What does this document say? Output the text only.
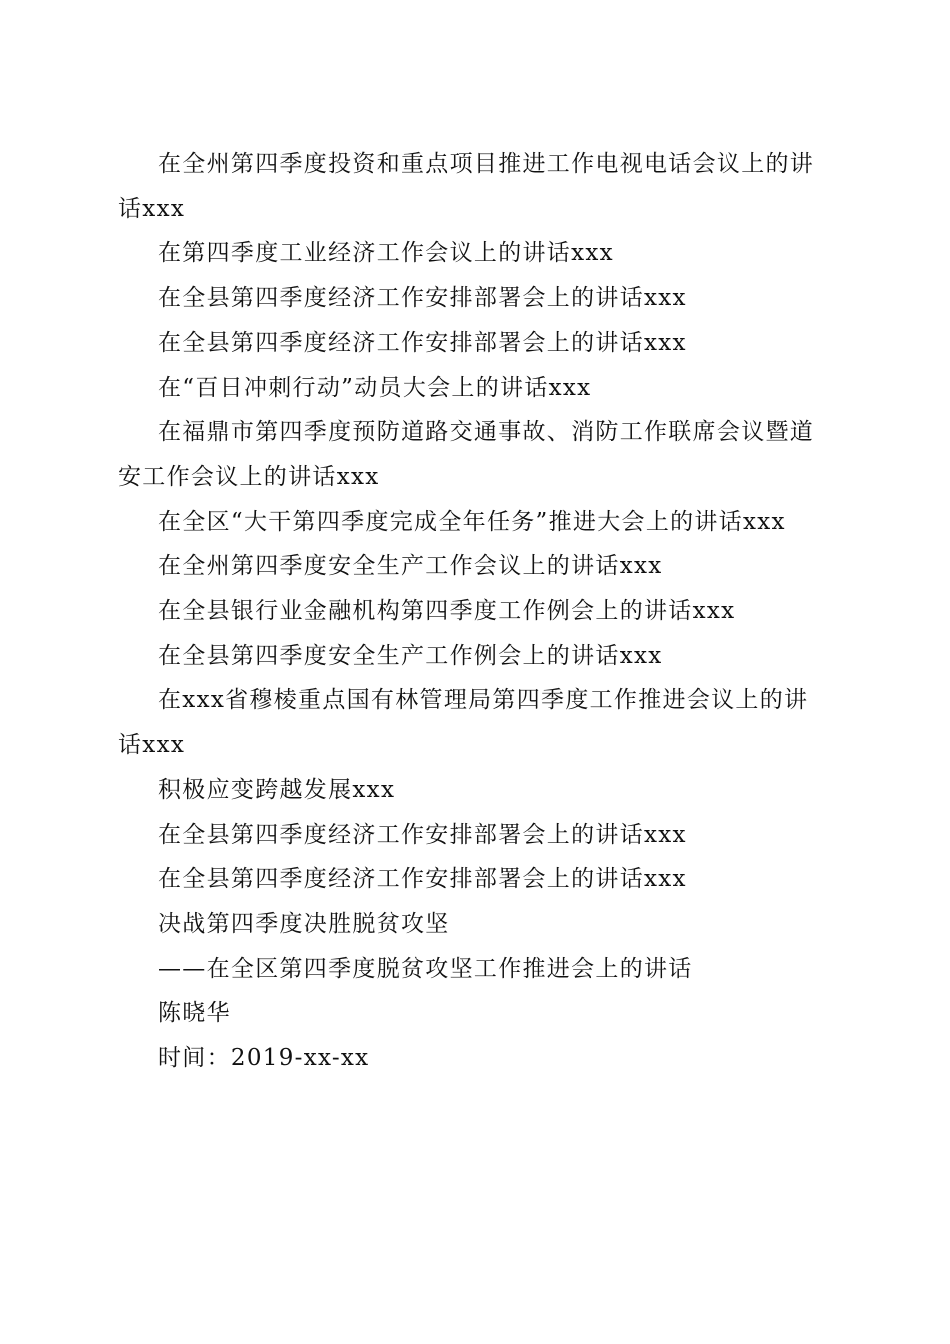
在全州第四季度投资和重点项目推进工作电视电话会议上的讲话xxx

在第四季度工业经济工作会议上的讲话xxx

在全县第四季度经济工作安排部署会上的讲话xxx

在全县第四季度经济工作安排部署会上的讲话xxx

在“百日冲刺行动”动员大会上的讲话xxx

在福鼎市第四季度预防道路交通事故、消防工作联席会议暨道安工作会议上的讲话xxx

在全区“大干第四季度完成全年任务”推进大会上的讲话xxx

在全州第四季度安全生产工作会议上的讲话xxx

在全县银行业金融机构第四季度工作例会上的讲话xxx

在全县第四季度安全生产工作例会上的讲话xxx

在xxx省穆棱重点国有林管理局第四季度工作推进会议上的讲话xxx

积极应变跨越发展xxx

在全县第四季度经济工作安排部署会上的讲话xxx

在全县第四季度经济工作安排部署会上的讲话xxx

决战第四季度决胜脱贫攻坚

——在全区第四季度脱贫攻坚工作推进会上的讲话

陈晓华

时间：2019-xx-xx
